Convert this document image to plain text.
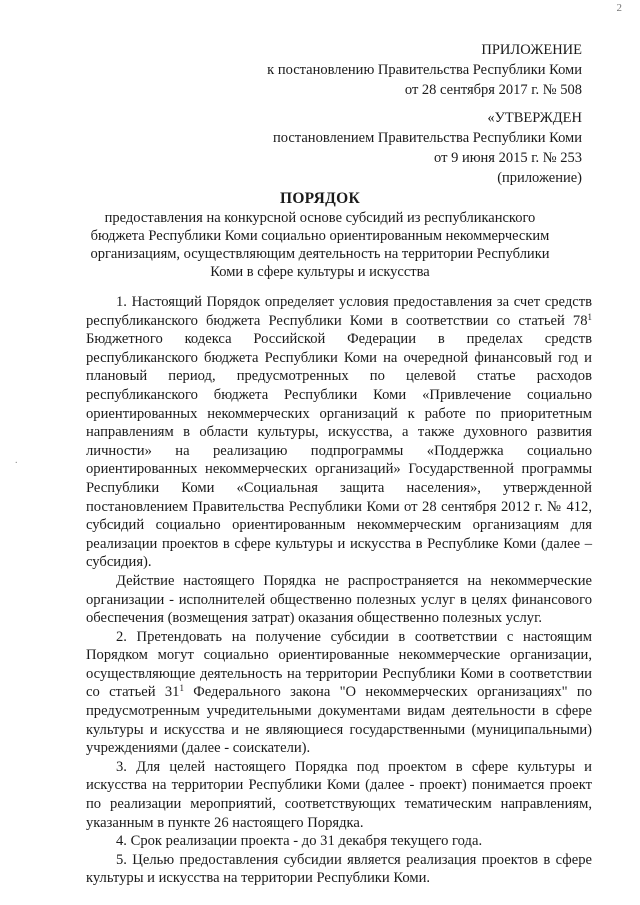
2
.
ПРИЛОЖЕНИЕ
к постановлению Правительства Республики Коми
от 28 сентября 2017 г. № 508
«УТВЕРЖДЕН
постановлением Правительства Республики Коми
от 9 июня 2015 г. № 253
(приложение)
ПОРЯДОК
предоставления на конкурсной основе субсидий из республиканского бюджета Республики Коми социально ориентированным некоммерческим организациям, осуществляющим деятельность на территории Республики Коми в сфере культуры и искусства

1. Настоящий Порядок определяет условия предоставления за счет средств республиканского бюджета Республики Коми в соответствии со статьей $78^1$ Бюджетного кодекса Российской Федерации в пределах средств республиканского бюджета Республики Коми на очередной финансовый год и плановый период, предусмотренных по целевой статье расходов республиканского бюджета Республики Коми «Привлечение социально ориентированных некоммерческих организаций к работе по приоритетным направлениям в области культуры, искусства, а также духовного развития личности» на реализацию подпрограммы «Поддержка социально ориентированных некоммерческих организаций» Государственной программы Республики Коми «Социальная защита населения», утвержденной постановлением Правительства Республики Коми от 28 сентября 2012 г. № 412, субсидий социально ориентированным некоммерческим организациям для реализации проектов в сфере культуры и искусства в Республике Коми (далее – субсидия).

Действие настоящего Порядка не распространяется на некоммерческие организации - исполнителей общественно полезных услуг в целях финансового обеспечения (возмещения затрат) оказания общественно полезных услуг.

2. Претендовать на получение субсидии в соответствии с настоящим Порядком могут социально ориентированные некоммерческие организации, осуществляющие деятельность на территории Республики Коми в соответствии со статьей $31^1$ Федерального закона "О некоммерческих организациях" по предусмотренным учредительными документами видам деятельности в сфере культуры и искусства и не являющиеся государственными (муниципальными) учреждениями (далее - соискатели).

3. Для целей настоящего Порядка под проектом в сфере культуры и искусства на территории Республики Коми (далее - проект) понимается проект по реализации мероприятий, соответствующих тематическим направлениям, указанным в пункте 26 настоящего Порядка.

4. Срок реализации проекта - до 31 декабря текущего года.

5. Целью предоставления субсидии является реализация проектов в сфере культуры и искусства на территории Республики Коми.
